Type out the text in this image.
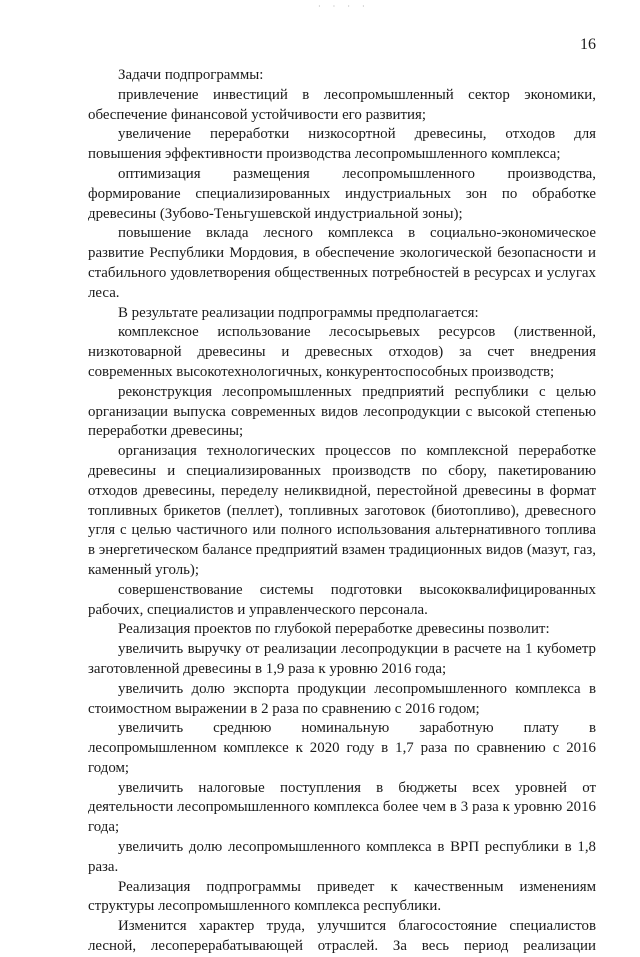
· · · ·
16

Задачи подпрограммы:

привлечение инвестиций в лесопромышленный сектор экономики, обеспечение финансовой устойчивости его развития;

увеличение переработки низкосортной древесины, отходов для повышения эффективности производства лесопромышленного комплекса;

оптимизация размещения лесопромышленного производства, формирование специализированных индустриальных зон по обработке древесины (Зубово-Теньгушевской индустриальной зоны);

повышение вклада лесного комплекса в социально-экономическое развитие Республики Мордовия, в обеспечение экологической безопасности и стабильного удовлетворения общественных потребностей в ресурсах и услугах леса.

В результате реализации подпрограммы предполагается:

комплексное использование лесосырьевых ресурсов (лиственной, низкотоварной древесины и древесных отходов) за счет внедрения современных высокотехнологичных, конкурентоспособных производств;

реконструкция лесопромышленных предприятий республики с целью организации выпуска современных видов лесопродукции с высокой степенью переработки древесины;

организация технологических процессов по комплексной переработке древесины и специализированных производств по сбору, пакетированию отходов древесины, переделу неликвидной, перестойной древесины в формат топливных брикетов (пеллет), топливных заготовок (биотопливо), древесного угля с целью частичного или полного использования альтернативного топлива в энергетическом балансе предприятий взамен традиционных видов (мазут, газ, каменный уголь);

совершенствование системы подготовки высококвалифицированных рабочих, специалистов и управленческого персонала.

Реализация проектов по глубокой переработке древесины позволит:

увеличить выручку от реализации лесопродукции в расчете на 1 кубометр заготовленной древесины в 1,9 раза к уровню 2016 года;

увеличить долю экспорта продукции лесопромышленного комплекса в стоимостном выражении в 2 раза по сравнению с 2016 годом;

увеличить среднюю номинальную заработную плату в лесопромышленном комплексе к 2020 году в 1,7 раза по сравнению с 2016 годом;

увеличить налоговые поступления в бюджеты всех уровней от деятельности лесопромышленного комплекса более чем в 3 раза к уровню 2016 года;

увеличить долю лесопромышленного комплекса в ВРП республики в 1,8 раза.

Реализация подпрограммы приведет к качественным изменениям структуры лесопромышленного комплекса республики.

Изменится характер труда, улучшится благосостояние специалистов лесной, лесоперерабатывающей отраслей. За весь период реализации
